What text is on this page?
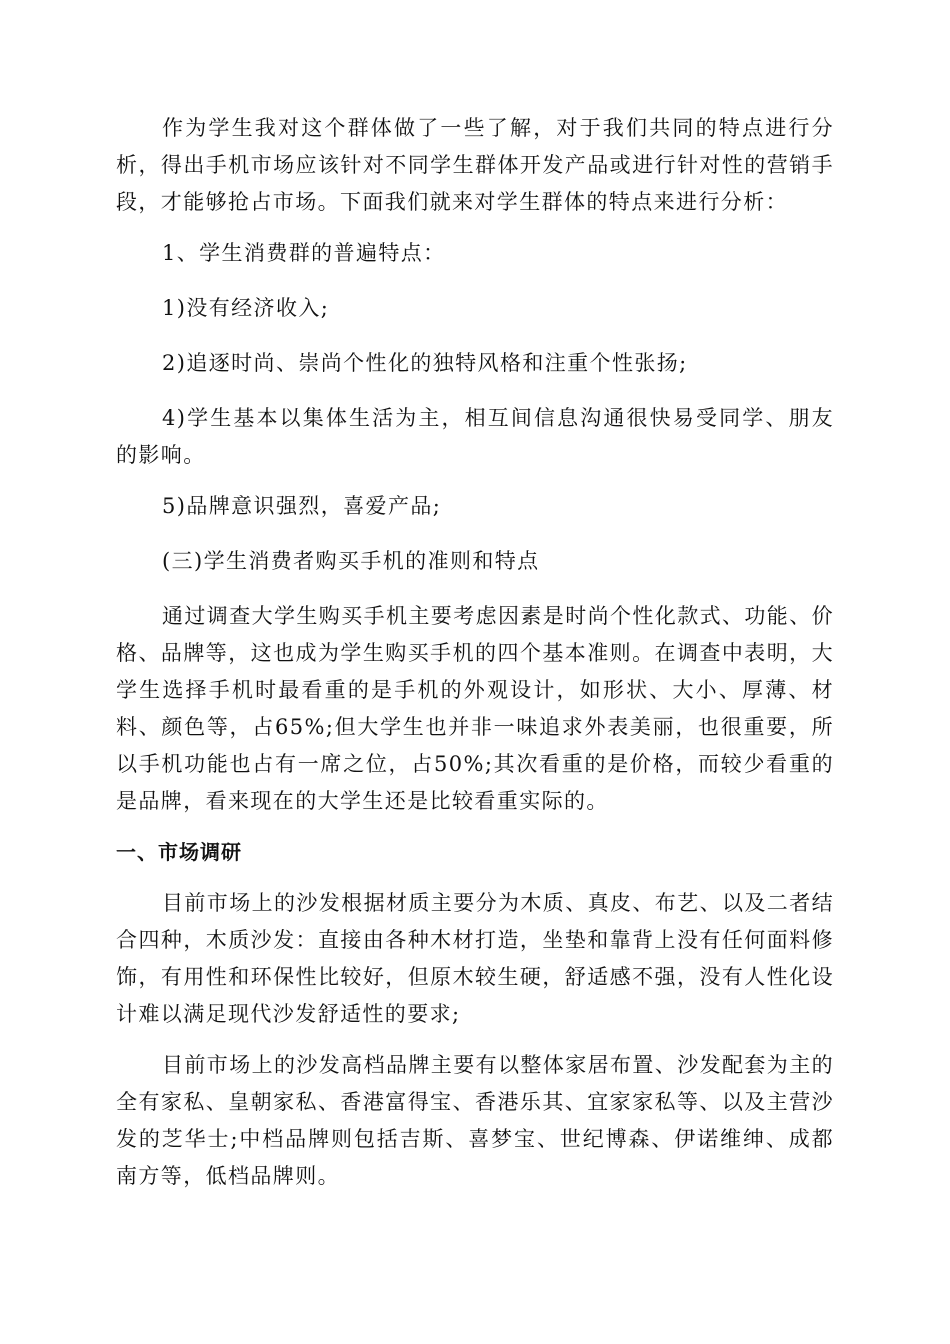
作为学生我对这个群体做了一些了解，对于我们共同的特点进行分析，得出手机市场应该针对不同学生群体开发产品或进行针对性的营销手段，才能够抢占市场。下面我们就来对学生群体的特点来进行分析：

1、学生消费群的普遍特点：

1)没有经济收入;

2)追逐时尚、崇尚个性化的独特风格和注重个性张扬;

4)学生基本以集体生活为主，相互间信息沟通很快易受同学、朋友的影响。

5)品牌意识强烈，喜爱产品;

(三)学生消费者购买手机的准则和特点

通过调查大学生购买手机主要考虑因素是时尚个性化款式、功能、价格、品牌等，这也成为学生购买手机的四个基本准则。在调查中表明，大学生选择手机时最看重的是手机的外观设计，如形状、大小、厚薄、材料、颜色等，占65%;但大学生也并非一味追求外表美丽，也很重要，所以手机功能也占有一席之位，占50%;其次看重的是价格，而较少看重的是品牌，看来现在的大学生还是比较看重实际的。

一、市场调研

目前市场上的沙发根据材质主要分为木质、真皮、布艺、以及二者结合四种，木质沙发：直接由各种木材打造，坐垫和靠背上没有任何面料修饰，有用性和环保性比较好，但原木较生硬，舒适感不强，没有人性化设计难以满足现代沙发舒适性的要求;

目前市场上的沙发高档品牌主要有以整体家居布置、沙发配套为主的全有家私、皇朝家私、香港富得宝、香港乐其、宜家家私等、以及主营沙发的芝华士;中档品牌则包括吉斯、喜梦宝、世纪博森、伊诺维绅、成都南方等，低档品牌则。
